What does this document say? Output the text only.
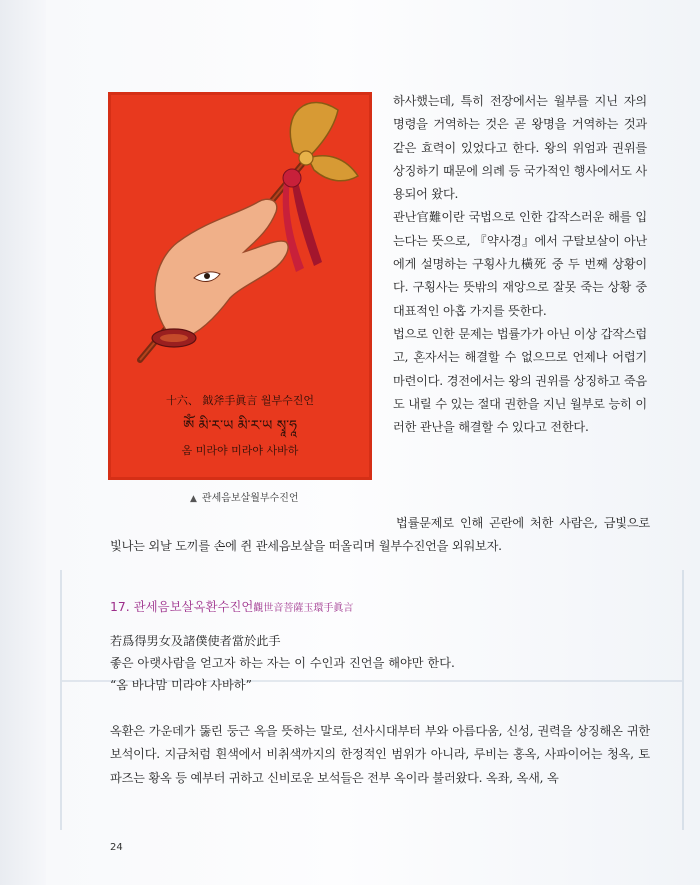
十六、 鉞斧手眞言 월부수진언
ཨོཾ མི་ར་ཡ མི་ར་ཡ སྭཱ་ཧཱ
옴 미라야 미라야 사바하
▲ 관세음보살월부수진언

하사했는데, 특히 전장에서는 월부를 지닌 자의 명령을 거역하는 것은 곧 왕명을 거역하는 것과 같은 효력이 있었다고 한다. 왕의 위엄과 권위를 상징하기 때문에 의례 등 국가적인 행사에서도 사용되어 왔다.

관난官難이란 국법으로 인한 갑작스러운 해를 입는다는 뜻으로, 『약사경』에서 구탈보살이 아난에게 설명하는 구횡사九橫死 중 두 번째 상황이다. 구횡사는 뜻밖의 재앙으로 잘못 죽는 상황 중 대표적인 아홉 가지를 뜻한다.

법으로 인한 문제는 법률가가 아닌 이상 갑작스럽고, 혼자서는 해결할 수 없으므로 언제나 어렵기 마련이다. 경전에서는 왕의 권위를 상징하고 죽음도 내릴 수 있는 절대 권한을 지닌 월부로 능히 이러한 관난을 해결할 수 있다고 전한다.

법률문제로 인해 곤란에 처한 사람은, 금빛으로 빛나는 외날 도끼를 손에 쥔 관세음보살을 떠올리며 월부수진언을 외워보자.
17. 관세음보살옥환수진언觀世音菩薩玉環手眞言
若爲得男女及諸僕使者當於此手
좋은 아랫사람을 얻고자 하는 자는 이 수인과 진언을 해야만 한다.
“옴 바나맘 미라야 사바하”
옥환은 가운데가 뚫린 둥근 옥을 뜻하는 말로, 선사시대부터 부와 아름다움, 신성, 권력을 상징해온 귀한 보석이다. 지금처럼 흰색에서 비취색까지의 한정적인 범위가 아니라, 루비는 홍옥, 사파이어는 청옥, 토파즈는 황옥 등 예부터 귀하고 신비로운 보석들은 전부 옥이라 불러왔다. 옥좌, 옥새, 옥
24
